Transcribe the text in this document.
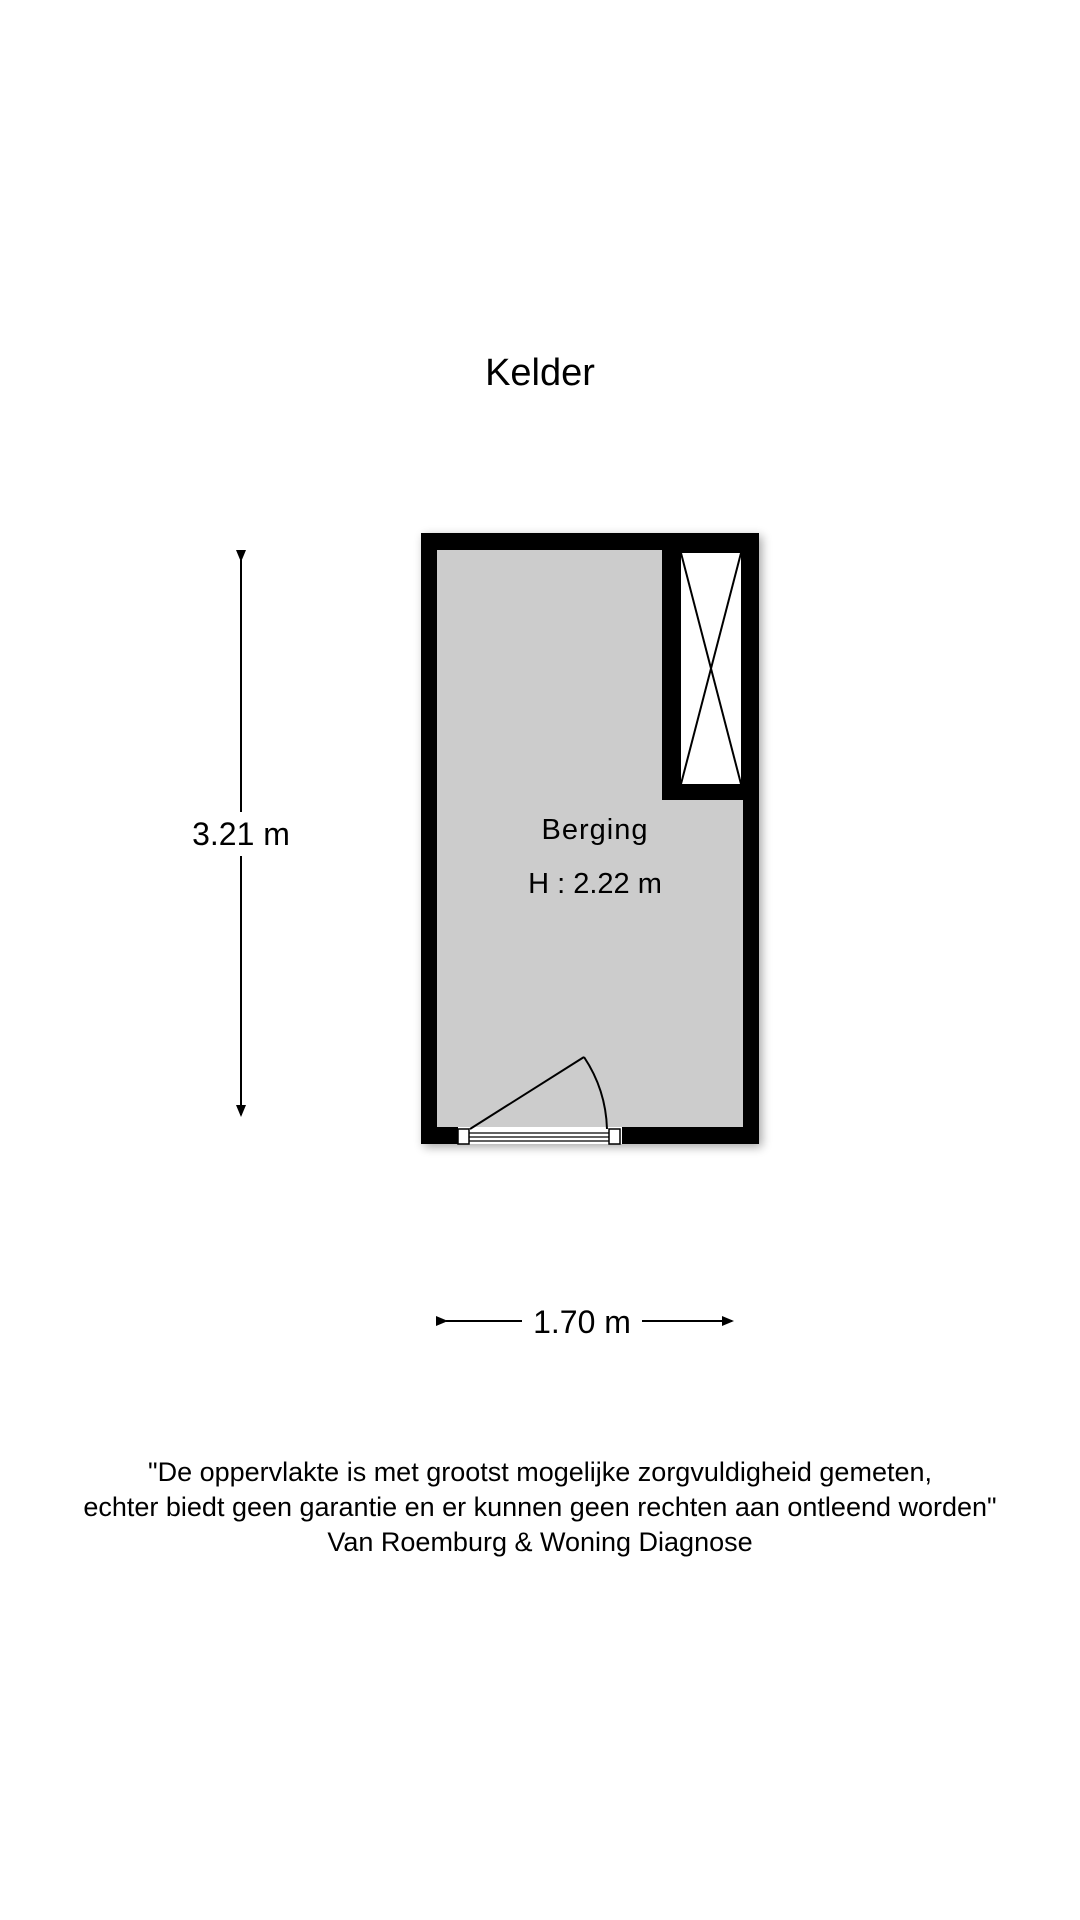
Kelder
Berging
H : 2.22 m
3.21 m
1.70 m
"De oppervlakte is met grootst mogelijke zorgvuldigheid gemeten,
echter biedt geen garantie en er kunnen geen rechten aan ontleend worden"
Van Roemburg & Woning Diagnose
